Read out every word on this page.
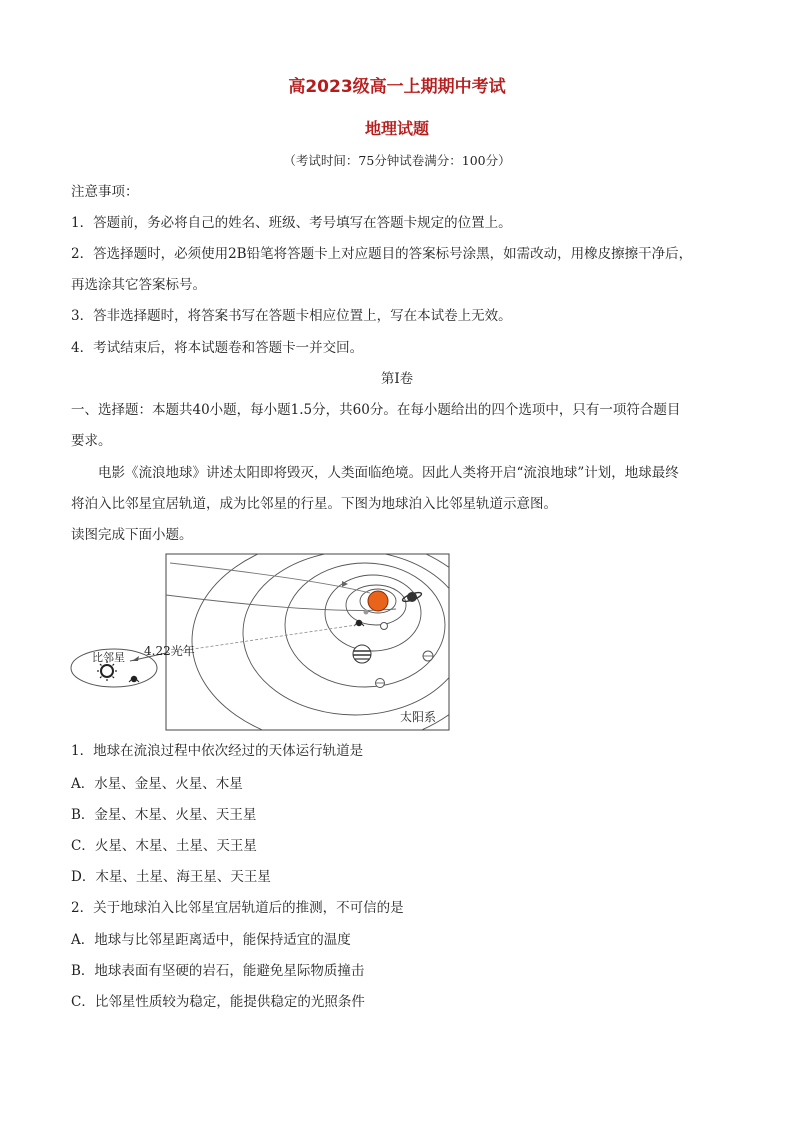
高2023级高一上期期中考试
地理试题
（考试时间：75分钟试卷满分：100分）
注意事项：
1．答题前，务必将自己的姓名、班级、考号填写在答题卡规定的位置上。
2．答选择题时，必须使用2B铅笔将答题卡上对应题目的答案标号涂黑，如需改动，用橡皮擦擦干净后，
再选涂其它答案标号。
3．答非选择题时，将答案书写在答题卡相应位置上，写在本试卷上无效。
4．考试结束后，将本试题卷和答题卡一并交回。
第Ⅰ卷
一、选择题：本题共40小题，每小题1.5分，共60分。在每小题给出的四个选项中，只有一项符合题目
要求。
电影《流浪地球》讲述太阳即将毁灭，人类面临绝境。因此人类将开启“流浪地球”计划，地球最终
将泊入比邻星宜居轨道，成为比邻星的行星。下图为地球泊入比邻星轨道示意图。
读图完成下面小题。
太阳系
比邻星 4.22光年
1．地球在流浪过程中依次经过的天体运行轨道是
A．水星、金星、火星、木星
B．金星、木星、火星、天王星
C．火星、木星、土星、天王星
D．木星、土星、海王星、天王星
2．关于地球泊入比邻星宜居轨道后的推测，不可信的是
A．地球与比邻星距离适中，能保持适宜的温度
B．地球表面有坚硬的岩石，能避免星际物质撞击
C．比邻星性质较为稳定，能提供稳定的光照条件
